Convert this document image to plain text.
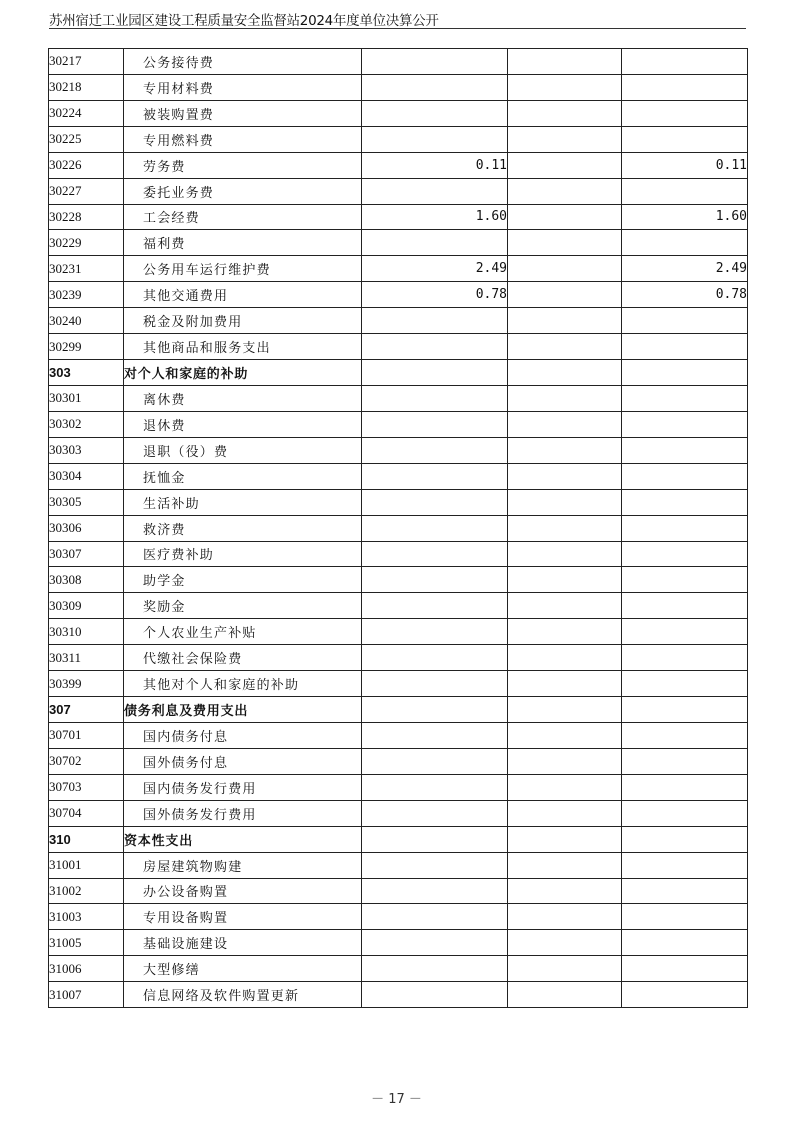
苏州宿迁工业园区建设工程质量安全监督站2024年度单位决算公开
30217	公务接待费			
30218	专用材料费			
30224	被装购置费			
30225	专用燃料费			
30226	劳务费	0.11		0.11
30227	委托业务费			
30228	工会经费	1.60		1.60
30229	福利费			
30231	公务用车运行维护费	2.49		2.49
30239	其他交通费用	0.78		0.78
30240	税金及附加费用			
30299	其他商品和服务支出			
303	对个人和家庭的补助			
30301	离休费			
30302	退休费			
30303	退职（役）费			
30304	抚恤金			
30305	生活补助			
30306	救济费			
30307	医疗费补助			
30308	助学金			
30309	奖励金			
30310	个人农业生产补贴			
30311	代缴社会保险费			
30399	其他对个人和家庭的补助			
307	债务利息及费用支出			
30701	国内债务付息			
30702	国外债务付息			
30703	国内债务发行费用			
30704	国外债务发行费用			
310	资本性支出			
31001	房屋建筑物购建			
31002	办公设备购置			
31003	专用设备购置			
31005	基础设施建设			
31006	大型修缮			
31007	信息网络及软件购置更新			
－ 17 －
